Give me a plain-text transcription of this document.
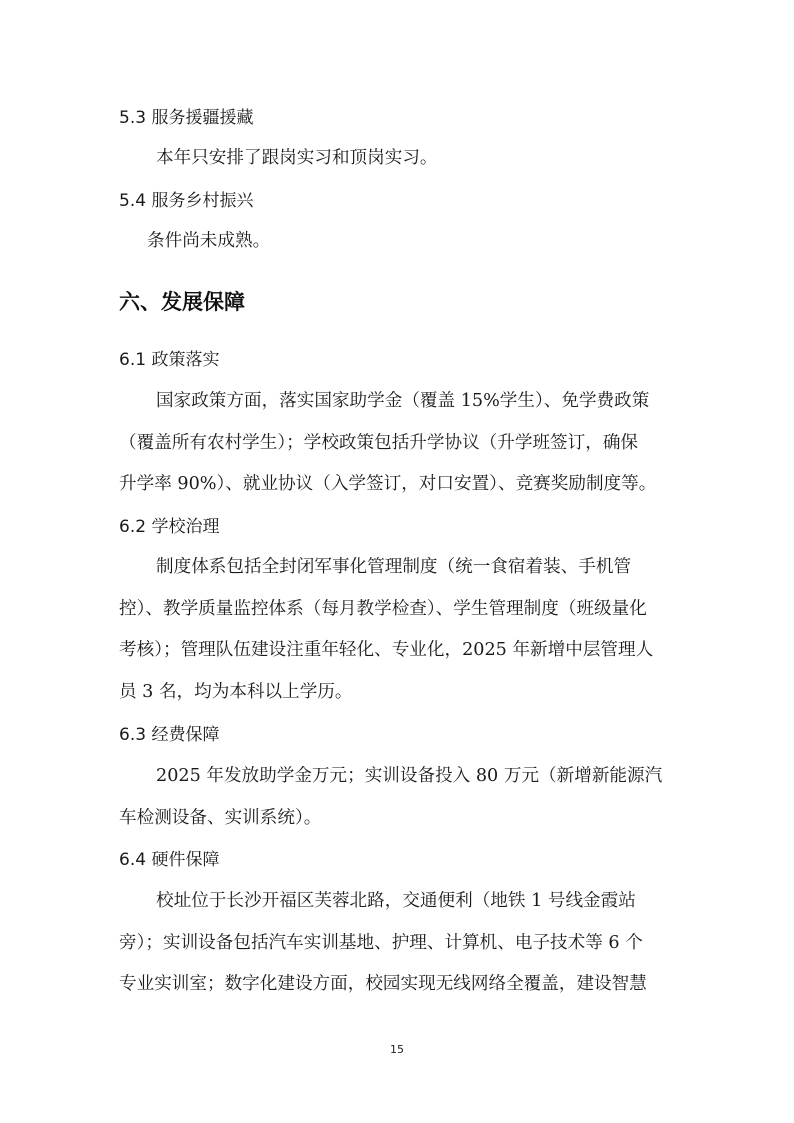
5.3 服务援疆援藏
本年只安排了跟岗实习和顶岗实习。
5.4 服务乡村振兴
条件尚未成熟。
六、发展保障
6.1 政策落实
国家政策方面，落实国家助学金（覆盖 15%学生）、免学费政策
（覆盖所有农村学生）；学校政策包括升学协议（升学班签订，确保
升学率 90%）、就业协议（入学签订，对口安置）、竞赛奖励制度等。
6.2 学校治理
制度体系包括全封闭军事化管理制度（统一食宿着装、手机管
控）、教学质量监控体系（每月教学检查）、学生管理制度（班级量化
考核）；管理队伍建设注重年轻化、专业化，2025 年新增中层管理人
员 3 名，均为本科以上学历。
6.3 经费保障
2025 年发放助学金万元；实训设备投入 80 万元（新增新能源汽
车检测设备、实训系统）。
6.4 硬件保障
校址位于长沙开福区芙蓉北路，交通便利（地铁 1 号线金霞站
旁）；实训设备包括汽车实训基地、护理、计算机、电子技术等 6 个
专业实训室；数字化建设方面，校园实现无线网络全覆盖，建设智慧
15
